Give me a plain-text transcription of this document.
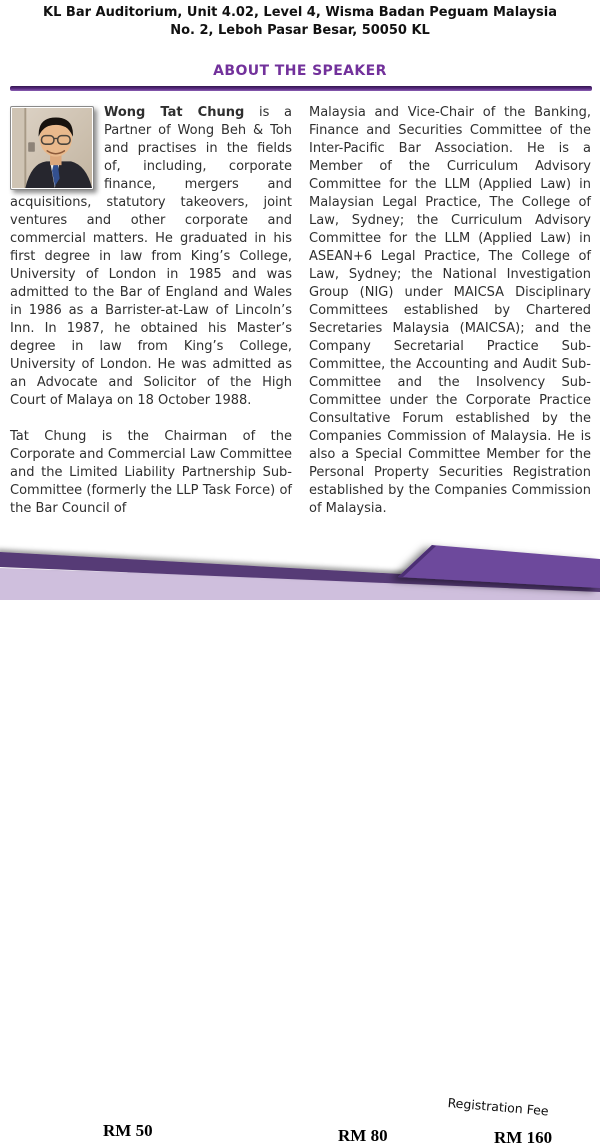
KL Bar Auditorium, Unit 4.02, Level 4, Wisma Badan Peguam Malaysia
No. 2, Leboh Pasar Besar, 50050 KL
ABOUT THE SPEAKER

Wong Tat Chung is a Partner of Wong Beh & Toh and practises in the fields of, including, corporate finance, mergers and acquisitions, statutory takeovers, joint ventures and other corporate and commercial matters. He graduated in his first degree in law from King’s College, University of London in 1985 and was admitted to the Bar of England and Wales in 1986 as a Barrister-at-Law of Lincoln’s Inn. In 1987, he obtained his Master’s degree in law from King’s College, University of London. He was admitted as an Advocate and Solicitor of the High Court of Malaya on 18 October 1988.

Tat Chung is the Chairman of the Corporate and Commercial Law Committee and the Limited Liability Partnership Sub-Committee (formerly the LLP Task Force) of the Bar Council of

Malaysia and Vice-Chair of the Banking, Finance and Securities Committee of the Inter-Pacific Bar Association. He is a Member of the Curriculum Advisory Committee for the LLM (Applied Law) in Malaysian Legal Practice, The College of Law, Sydney; the Curriculum Advisory Committee for the LLM (Applied Law) in ASEAN+6 Legal Practice, The College of Law, Sydney; the National Investigation Group (NIG) under MAICSA Disciplinary Committees established by Chartered Secretaries Malaysia (MAICSA); and the Company Secretarial Practice Sub-Committee, the Accounting and Audit Sub-Committee and the Insolvency Sub-Committee under the Corporate Practice Consultative Forum established by the Companies Commission of Malaysia. He is also a Special Committee Member for the Personal Property Securities Registration established by the Companies Commission of Malaysia.

Registration Fee
RM 50	RM 80	RM 160
